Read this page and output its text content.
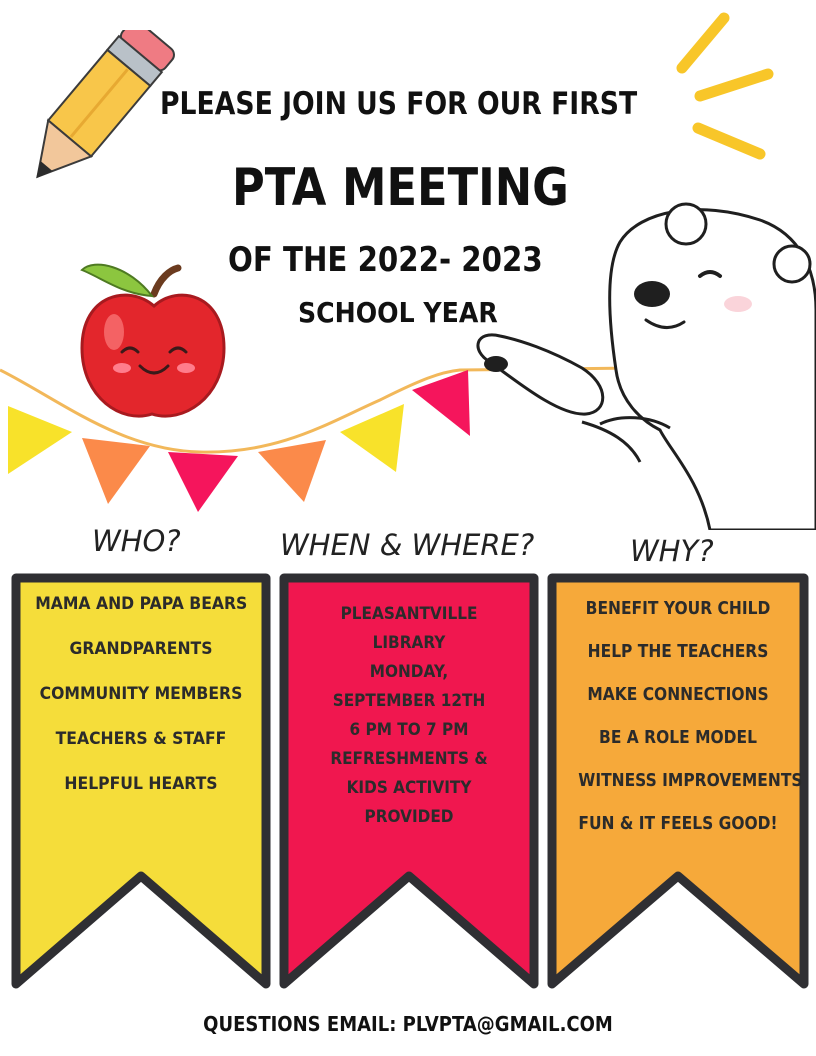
PLEASE JOIN US FOR OUR FIRST
PTA MEETING
OF THE 2022- 2023
SCHOOL YEAR
WHO?	WHEN & WHERE?	WHY?
MAMA AND PAPA BEARS
GRANDPARENTS
COMMUNITY MEMBERS
TEACHERS & STAFF
HELPFUL HEARTS
PLEASANTVILLE
LIBRARY
MONDAY,
SEPTEMBER 12TH
6 PM TO 7 PM
REFRESHMENTS &
KIDS ACTIVITY
PROVIDED
BENEFIT YOUR CHILD
HELP THE TEACHERS
MAKE CONNECTIONS
BE A ROLE MODEL
WITNESS IMPROVEMENTS
FUN & IT FEELS GOOD!
QUESTIONS EMAIL: PLVPTA@GMAIL.COM
